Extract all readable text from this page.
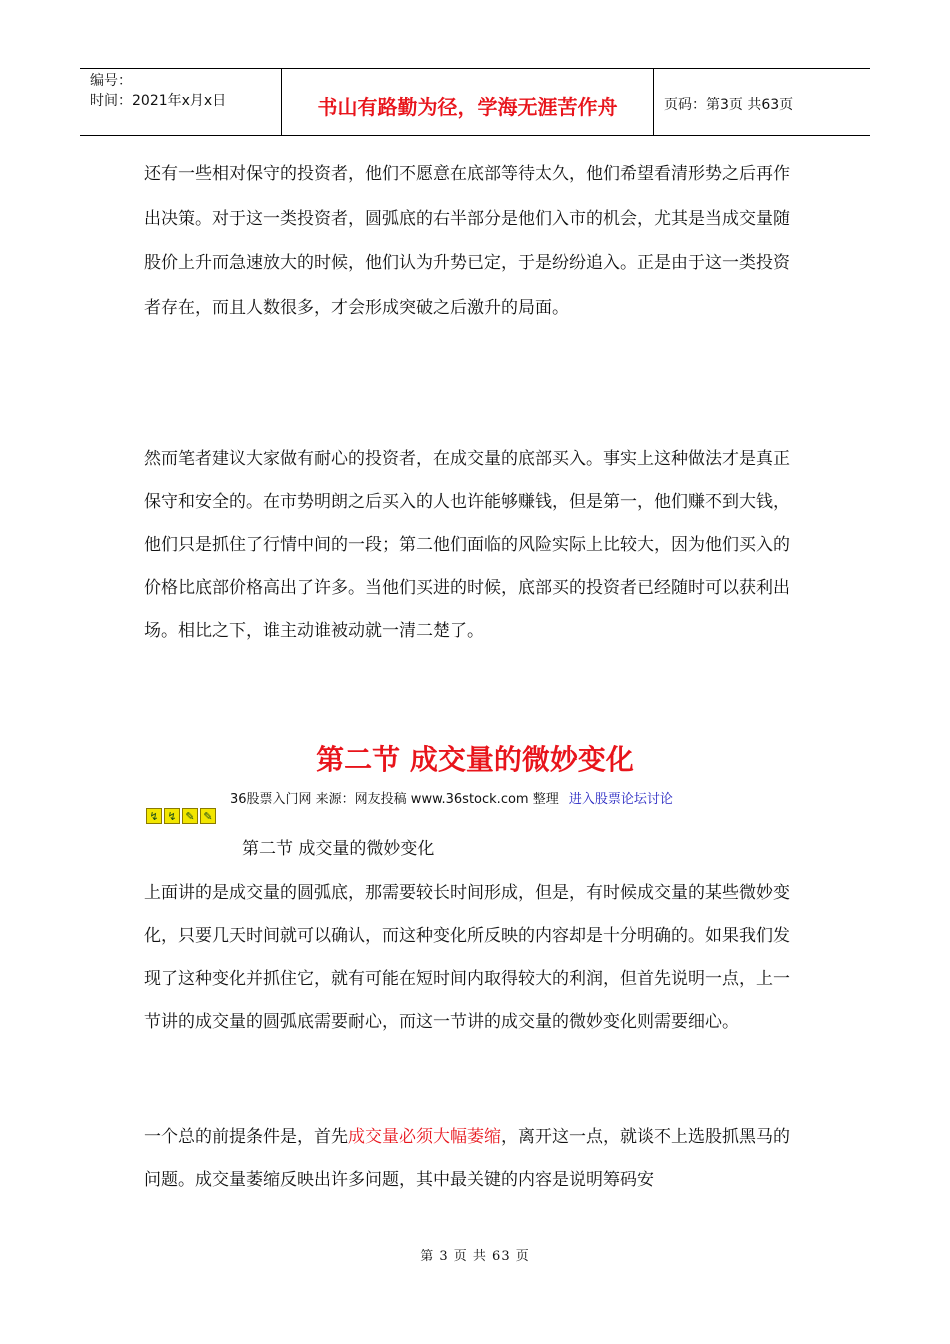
编号：
时间：2021年x月x日	书山有路勤为径，学海无涯苦作舟	页码：第3页 共63页

还有一些相对保守的投资者，他们不愿意在底部等待太久，他们希望看清形势之后再作出决策。对于这一类投资者，圆弧底的右半部分是他们入市的机会，尤其是当成交量随股价上升而急速放大的时候，他们认为升势已定，于是纷纷追入。正是由于这一类投资者存在，而且人数很多，才会形成突破之后激升的局面。

然而笔者建议大家做有耐心的投资者，在成交量的底部买入。事实上这种做法才是真正保守和安全的。在市势明朗之后买入的人也许能够赚钱，但是第一，他们赚不到大钱，他们只是抓住了行情中间的一段；第二他们面临的风险实际上比较大，因为他们买入的价格比底部价格高出了许多。当他们买进的时候，底部买的投资者已经随时可以获利出场。相比之下，谁主动谁被动就一清二楚了。

第二节 成交量的微妙变化
36股票入门网 来源：网友投稿 www.36stock.com 整理 进入股票论坛讨论
↯ ↯ ✎ ✎
第二节 成交量的微妙变化

上面讲的是成交量的圆弧底，那需要较长时间形成，但是，有时候成交量的某些微妙变化，只要几天时间就可以确认，而这种变化所反映的内容却是十分明确的。如果我们发现了这种变化并抓住它，就有可能在短时间内取得较大的利润，但首先说明一点，上一节讲的成交量的圆弧底需要耐心，而这一节讲的成交量的微妙变化则需要细心。

一个总的前提条件是，首先成交量必须大幅萎缩，离开这一点，就谈不上选股抓黑马的问题。成交量萎缩反映出许多问题，其中最关键的内容是说明筹码安

第 3 页 共 63 页
